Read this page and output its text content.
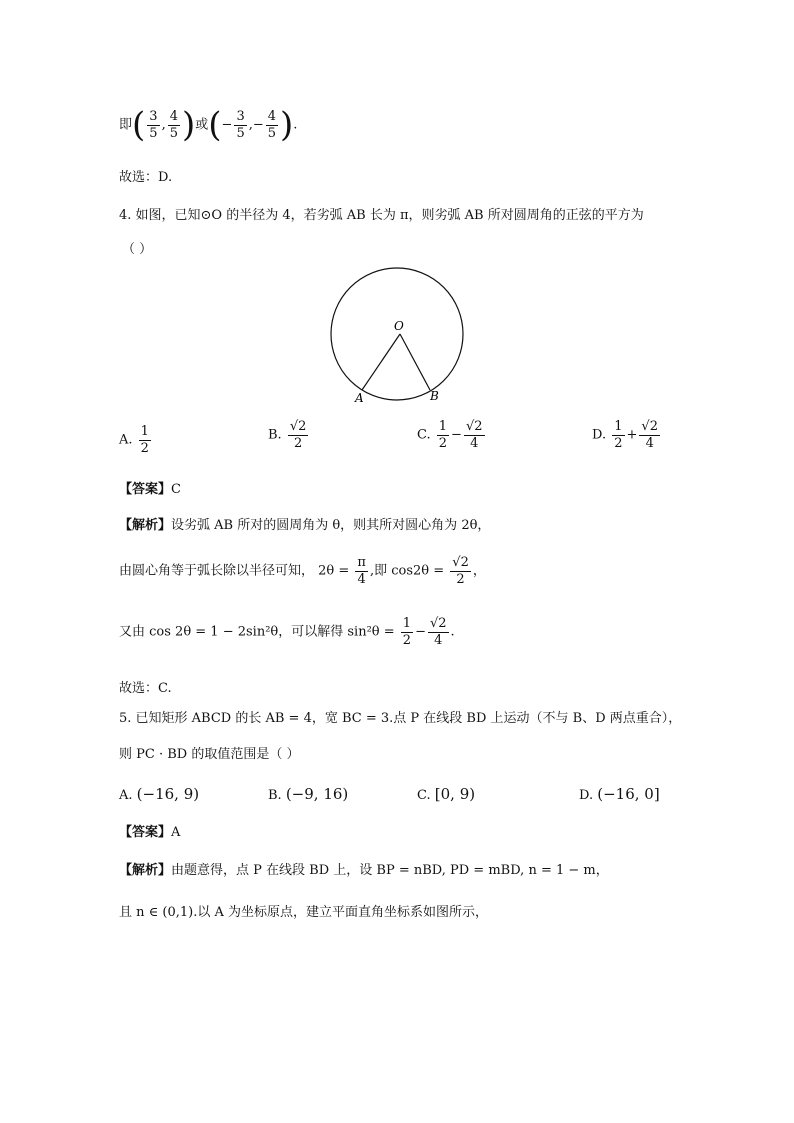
即( $\frac{3}{5}$ , $\frac{4}{5}$ )或(− $\frac{3}{5}$ ,− $\frac{4}{5}$ ).
故选：D.
4. 如图，已知⊙O 的半径为 4，若劣弧 AB 长为 π，则劣弧 AB 所对圆周角的正弦的平方为
（ ）
O
A	B
A. $\frac{1}{2}$	B. $\frac{√2}{2}$	C. $\frac{1}{2} - \frac{√2}{4}$	D. $\frac{1}{2} + \frac{√2}{4}$
【答案】C
【解析】设劣弧 AB 所对的圆周角为 θ，则其所对圆心角为 2θ，
由圆心角等于弧长除以半径可知， $2\theta = \frac{\pi}{4}$ ,即 $\cos 2\theta = \frac{√2}{2}$ ，
又由 cos 2θ = 1 − 2sin²θ，可以解得 $\sin^2\theta = \frac{1}{2} - \frac{√2}{4}$ .
故选：C.
5. 已知矩形 ABCD 的长 AB = 4，宽 BC = 3.点 P 在线段 BD 上运动（不与 B、D 两点重合），
则 PC · BD 的取值范围是（ ）
A. (−16, 9)	B. (−9, 16)	C. [0, 9)	D. (−16, 0]
【答案】A
【解析】由题意得，点 P 在线段 BD 上，设 BP = nBD, PD = mBD, n = 1 − m，
且 n ∈ (0,1).以 A 为坐标原点，建立平面直角坐标系如图所示，
